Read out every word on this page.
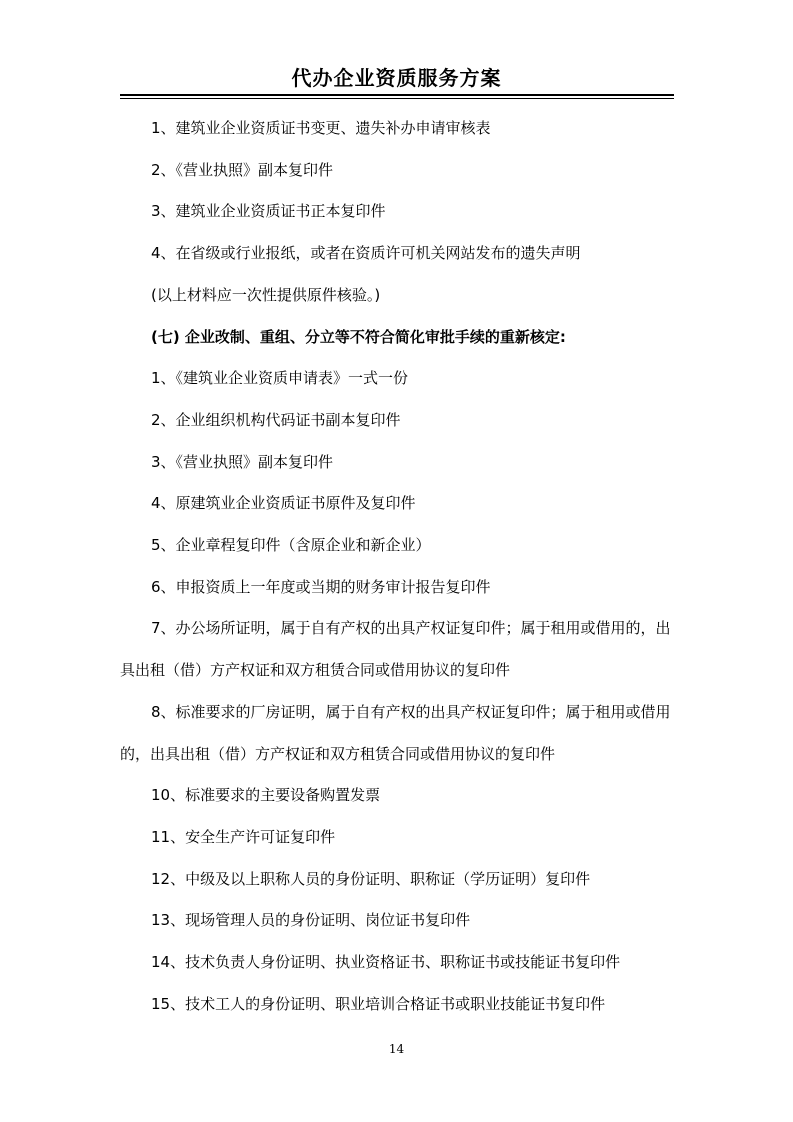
代办企业资质服务方案

1、建筑业企业资质证书变更、遗失补办申请审核表

2、《营业执照》副本复印件

3、建筑业企业资质证书正本复印件

4、在省级或行业报纸，或者在资质许可机关网站发布的遗失声明

(以上材料应一次性提供原件核验。)

(七) 企业改制、重组、分立等不符合简化审批手续的重新核定:

1、《建筑业企业资质申请表》一式一份

2、企业组织机构代码证书副本复印件

3、《营业执照》副本复印件

4、原建筑业企业资质证书原件及复印件

5、企业章程复印件（含原企业和新企业）

6、申报资质上一年度或当期的财务审计报告复印件

7、办公场所证明，属于自有产权的出具产权证复印件；属于租用或借用的，出具出租（借）方产权证和双方租赁合同或借用协议的复印件

8、标准要求的厂房证明，属于自有产权的出具产权证复印件；属于租用或借用的，出具出租（借）方产权证和双方租赁合同或借用协议的复印件

10、标准要求的主要设备购置发票

11、安全生产许可证复印件

12、中级及以上职称人员的身份证明、职称证（学历证明）复印件

13、现场管理人员的身份证明、岗位证书复印件

14、技术负责人身份证明、执业资格证书、职称证书或技能证书复印件

15、技术工人的身份证明、职业培训合格证书或职业技能证书复印件

14
